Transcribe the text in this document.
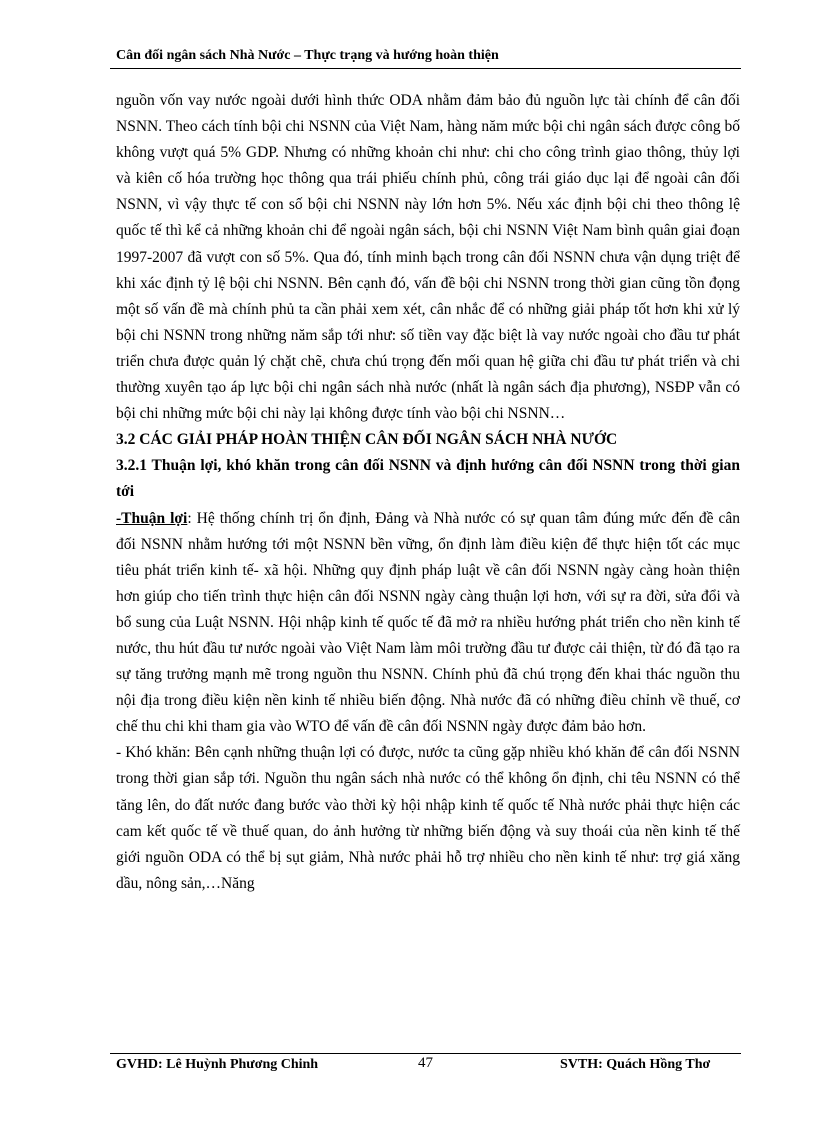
Cân đối ngân sách Nhà Nước – Thực trạng và hướng hoàn thiện

nguồn vốn vay nước ngoài dưới hình thức ODA nhằm đảm bảo đủ nguồn lực tài chính để cân đối NSNN. Theo cách tính bội chi NSNN của Việt Nam, hàng năm mức bội chi ngân sách được công bố không vượt quá 5% GDP. Nhưng có những khoản chi như: chi cho công trình giao thông, thủy lợi và kiên cố hóa trường học thông qua trái phiếu chính phủ, công trái giáo dục lại để ngoài cân đối NSNN, vì vậy thực tế con số bội chi NSNN này lớn hơn 5%. Nếu xác định bội chi theo thông lệ quốc tế thì kể cả những khoản chi để ngoài ngân sách, bội chi NSNN Việt Nam bình quân giai đoạn 1997-2007 đã vượt con số 5%. Qua đó, tính minh bạch trong cân đối NSNN chưa vận dụng triệt để khi xác định tỷ lệ bội chi NSNN. Bên cạnh đó, vấn đề bội chi NSNN trong thời gian cũng tồn đọng một số vấn đề mà chính phủ ta cần phải xem xét, cân nhắc để có những giải pháp tốt hơn khi xử lý bội chi NSNN trong những năm sắp tới như: số tiền vay đặc biệt là vay nước ngoài cho đầu tư phát triển chưa được quản lý chặt chẽ, chưa chú trọng đến mối quan hệ giữa chi đầu tư phát triển và chi thường xuyên tạo áp lực bội chi ngân sách nhà nước (nhất là ngân sách địa phương), NSĐP vẫn có bội chi những mức bội chi này lại không được tính vào bội chi NSNN…

3.2 CÁC GIẢI PHÁP HOÀN THIỆN CÂN ĐỐI NGÂN SÁCH NHÀ NƯỚC

3.2.1 Thuận lợi, khó khăn trong cân đối NSNN và định hướng cân đối NSNN trong thời gian tới

-Thuận lợi: Hệ thống chính trị ổn định, Đảng và Nhà nước có sự quan tâm đúng mức đến đề cân đối NSNN nhằm hướng tới một NSNN bền vững, ổn định làm điều kiện để thực hiện tốt các mục tiêu phát triển kinh tế- xã hội. Những quy định pháp luật về cân đối NSNN ngày càng hoàn thiện hơn giúp cho tiến trình thực hiện cân đối NSNN ngày càng thuận lợi hơn, với sự ra đời, sửa đổi và bổ sung của Luật NSNN. Hội nhập kinh tế quốc tế đã mở ra nhiều hướng phát triển cho nền kinh tế nước, thu hút đầu tư nước ngoài vào Việt Nam làm môi trường đầu tư được cải thiện, từ đó đã tạo ra sự tăng trưởng mạnh mẽ trong nguồn thu NSNN. Chính phủ đã chú trọng đến khai thác nguồn thu nội địa trong điều kiện nền kinh tế nhiều biến động. Nhà nước đã có những điều chỉnh về thuế, cơ chế thu chi khi tham gia vào WTO để vấn đề cân đối NSNN ngày được đảm bảo hơn.

- Khó khăn: Bên cạnh những thuận lợi có được, nước ta cũng gặp nhiều khó khăn để cân đối NSNN trong thời gian sắp tới. Nguồn thu ngân sách nhà nước có thể không ổn định, chi têu NSNN có thể tăng lên, do đất nước đang bước vào thời kỳ hội nhập kinh tế quốc tế Nhà nước phải thực hiện các cam kết quốc tế về thuế quan, do ảnh hưởng từ những biến động và suy thoái của nền kinh tế thế giới nguồn ODA có thể bị sụt giảm, Nhà nước phải hỗ trợ nhiều cho nền kinh tế như: trợ giá xăng dầu, nông sản,…Năng

GVHD: Lê Huỳnh Phương Chinh	47	SVTH: Quách Hồng Thơ
